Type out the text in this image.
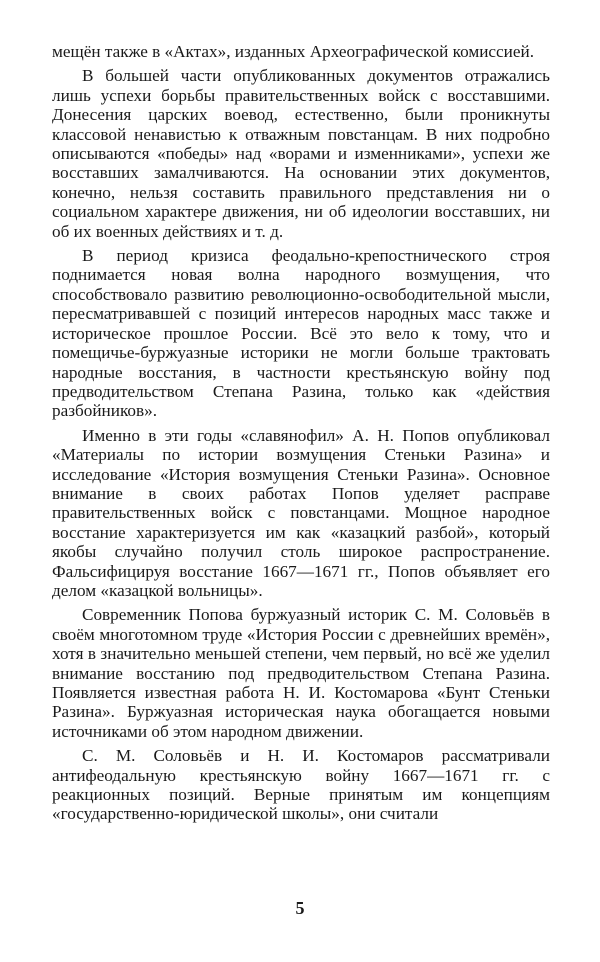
мещён также в «Актах», изданных Археографической комиссией.

В большей части опубликованных документов отражались лишь успехи борьбы правительственных войск с восставшими. Донесения царских воевод, естественно, были проникнуты классовой ненавистью к отважным повстанцам. В них подробно описываются «победы» над «ворами и изменниками», успехи же восставших замалчиваются. На основании этих документов, конечно, нельзя составить правильного представления ни о социальном характере движения, ни об идеологии восставших, ни об их военных действиях и т. д.

В период кризиса феодально-крепостнического строя поднимается новая волна народного возмущения, что способствовало развитию революционно-освободительной мысли, пересматривавшей с позиций интересов народных масс также и историческое прошлое России. Всё это вело к тому, что и помещичье-буржуазные историки не могли больше трактовать народные восстания, в частности крестьянскую войну под предводительством Степана Разина, только как «действия разбойников».

Именно в эти годы «славянофил» А. Н. Попов опубликовал «Материалы по истории возмущения Стеньки Разина» и исследование «История возмущения Стеньки Разина». Основное внимание в своих работах Попов уделяет расправе правительственных войск с повстанцами. Мощное народное восстание характеризуется им как «казацкий разбой», который якобы случайно получил столь широкое распространение. Фальсифицируя восстание 1667—1671 гг., Попов объявляет его делом «казацкой вольницы».

Современник Попова буржуазный историк С. М. Соловьёв в своём многотомном труде «История России с древнейших времён», хотя в значительно меньшей степени, чем первый, но всё же уделил внимание восстанию под предводительством Степана Разина. Появляется известная работа Н. И. Костомарова «Бунт Стеньки Разина». Буржуазная историческая наука обогащается новыми источниками об этом народном движении.

С. М. Соловьёв и Н. И. Костомаров рассматривали антифеодальную крестьянскую войну 1667—1671 гг. с реакционных позиций. Верные принятым им концепциям «государственно-юридической школы», они считали

5
